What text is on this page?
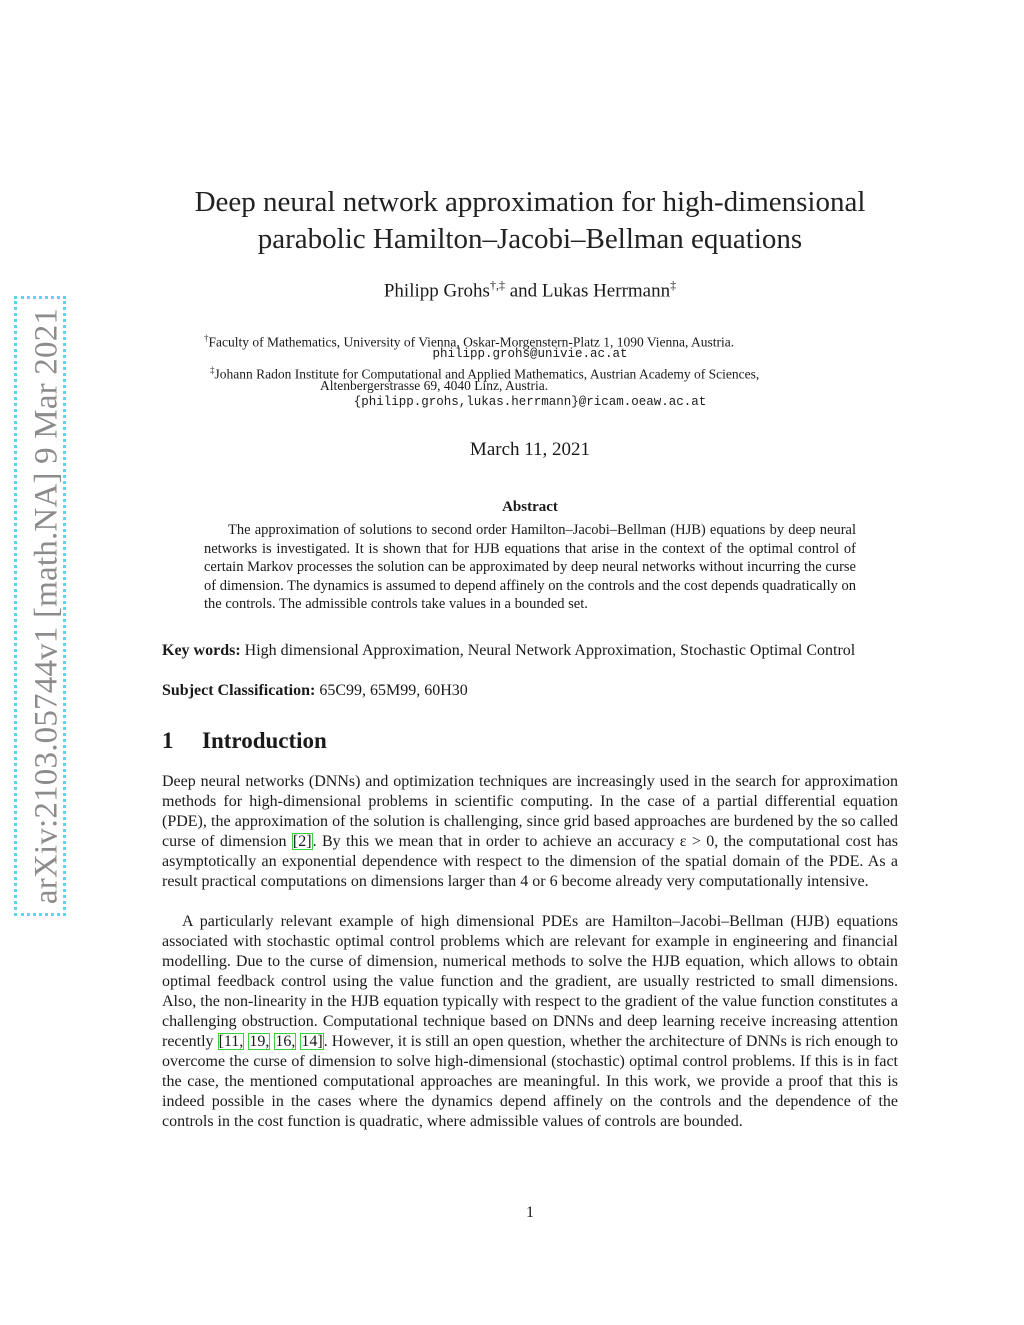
arXiv:2103.05744v1 [math.NA] 9 Mar 2021
Deep neural network approximation for high-dimensional
parabolic Hamilton–Jacobi–Bellman equations
Philipp Grohs†,‡ and Lukas Herrmann‡
†Faculty of Mathematics, University of Vienna, Oskar-Morgenstern-Platz 1, 1090 Vienna, Austria.
philipp.grohs@univie.ac.at
‡Johann Radon Institute for Computational and Applied Mathematics, Austrian Academy of Sciences,
Altenbergerstrasse 69, 4040 Linz, Austria.
{philipp.grohs,lukas.herrmann}@ricam.oeaw.ac.at
March 11, 2021
Abstract
The approximation of solutions to second order Hamilton–Jacobi–Bellman (HJB) equations by deep neural networks is investigated. It is shown that for HJB equations that arise in the context of the optimal control of certain Markov processes the solution can be approximated by deep neural networks without incurring the curse of dimension. The dynamics is assumed to depend affinely on the controls and the cost depends quadratically on the controls. The admissible controls take values in a bounded set.
Key words: High dimensional Approximation, Neural Network Approximation, Stochastic Optimal Control
Subject Classification: 65C99, 65M99, 60H30
1 Introduction

Deep neural networks (DNNs) and optimization techniques are increasingly used in the search for approximation methods for high-dimensional problems in scientific computing. In the case of a partial differential equation (PDE), the approximation of the solution is challenging, since grid based approaches are burdened by the so called curse of dimension [2]. By this we mean that in order to achieve an accuracy ε > 0, the computational cost has asymptotically an exponential dependence with respect to the dimension of the spatial domain of the PDE. As a result practical computations on dimensions larger than 4 or 6 become already very computationally intensive.

A particularly relevant example of high dimensional PDEs are Hamilton–Jacobi–Bellman (HJB) equations associated with stochastic optimal control problems which are relevant for example in engineering and financial modelling. Due to the curse of dimension, numerical methods to solve the HJB equation, which allows to obtain optimal feedback control using the value function and the gradient, are usually restricted to small dimensions. Also, the non-linearity in the HJB equation typically with respect to the gradient of the value function constitutes a challenging obstruction. Computational technique based on DNNs and deep learning receive increasing attention recently [11, 19, 16, 14]. However, it is still an open question, whether the architecture of DNNs is rich enough to overcome the curse of dimension to solve high-dimensional (stochastic) optimal control problems. If this is in fact the case, the mentioned computational approaches are meaningful. In this work, we provide a proof that this is indeed possible in the cases where the dynamics depend affinely on the controls and the dependence of the controls in the cost function is quadratic, where admissible values of controls are bounded.

1
